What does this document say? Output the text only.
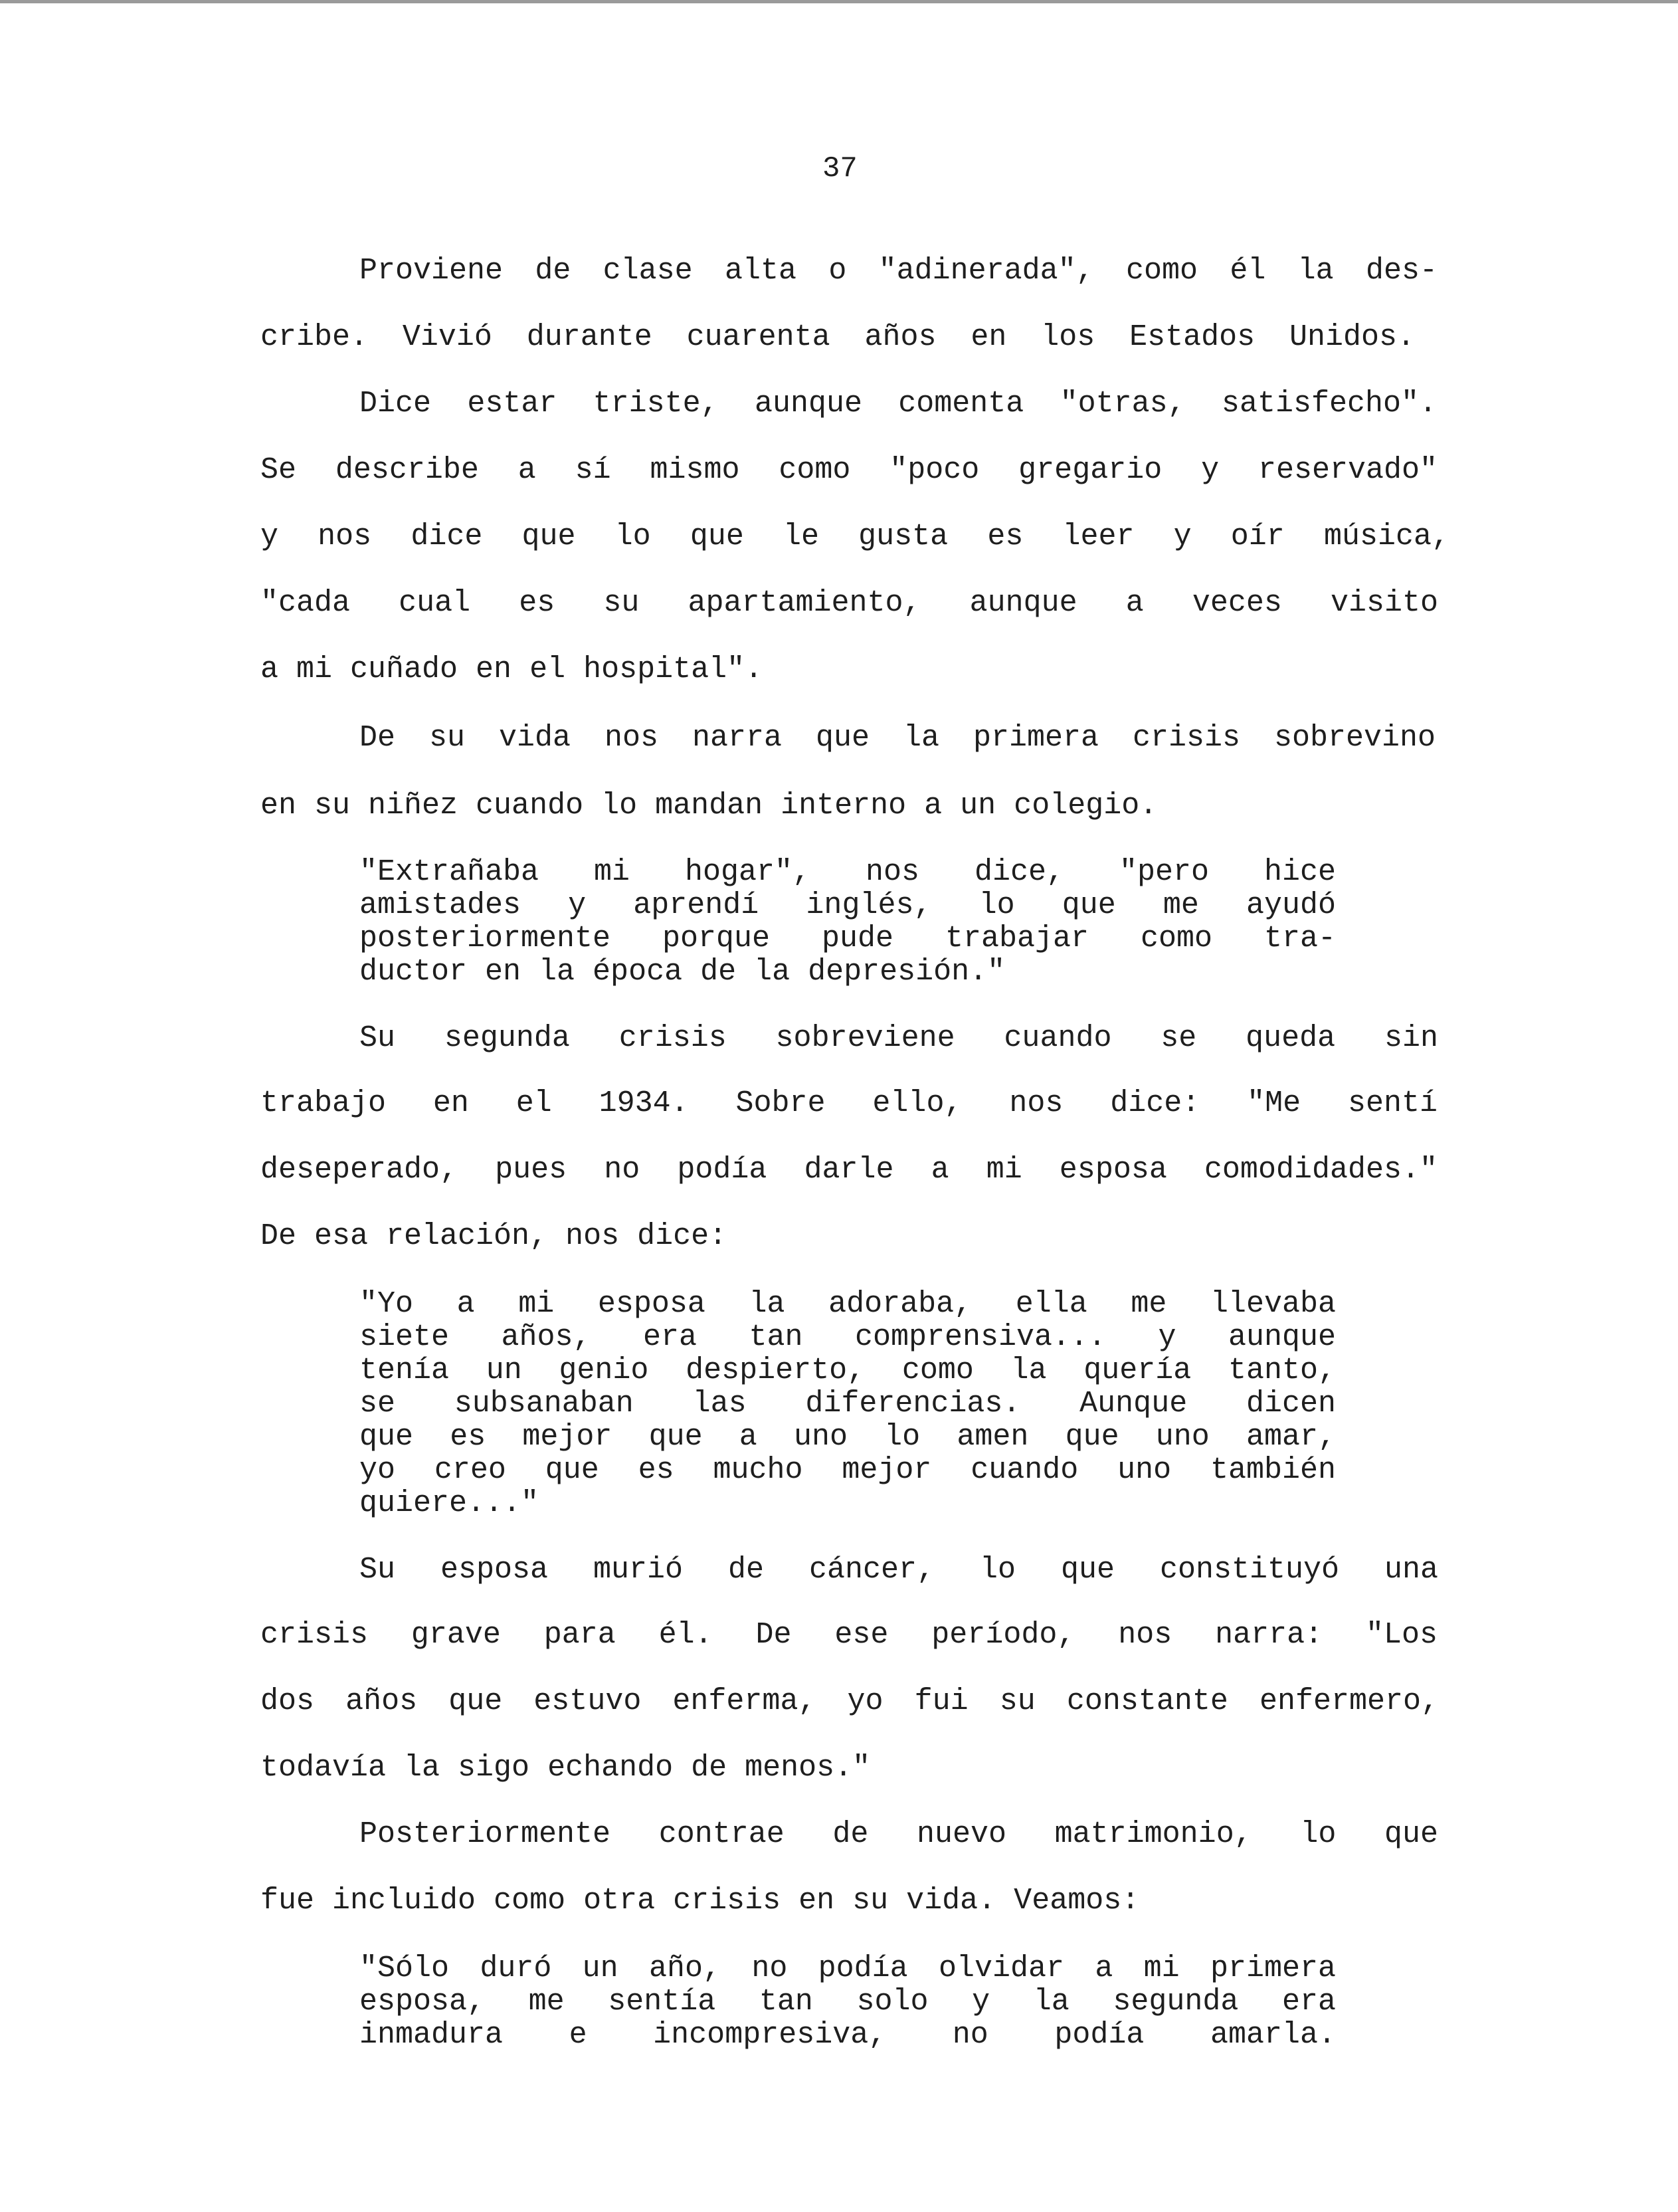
37
Proviene de clase alta o "adinerada", como él la des-
cribe. Vivió durante cuarenta años en los Estados Unidos.
Dice estar triste, aunque comenta "otras, satisfecho".
Se describe a sí mismo como "poco gregario y reservado"
y nos dice que lo que le gusta es leer y oír música,
"cada cual es su apartamiento, aunque a veces visito
a mi cuñado en el hospital".
De su vida nos narra que la primera crisis sobrevino
en su niñez cuando lo mandan interno a un colegio.
"Extrañaba mi hogar", nos dice, "pero hice
amistades y aprendí inglés, lo que me ayudó
posteriormente porque pude trabajar como tra-
ductor en la época de la depresión."
Su segunda crisis sobreviene cuando se queda sin
trabajo en el 1934. Sobre ello, nos dice: "Me sentí
deseperado, pues no podía darle a mi esposa comodidades."
De esa relación, nos dice:
"Yo a mi esposa la adoraba, ella me llevaba
siete años, era tan comprensiva... y aunque
tenía un genio despierto, como la quería tanto,
se subsanaban las diferencias. Aunque dicen
que es mejor que a uno lo amen que uno amar,
yo creo que es mucho mejor cuando uno también
quiere..."
Su esposa murió de cáncer, lo que constituyó una
crisis grave para él. De ese período, nos narra: "Los
dos años que estuvo enferma, yo fui su constante enfermero,
todavía la sigo echando de menos."
Posteriormente contrae de nuevo matrimonio, lo que
fue incluido como otra crisis en su vida. Veamos:
"Sólo duró un año, no podía olvidar a mi primera
esposa, me sentía tan solo y la segunda era
inmadura e incompresiva, no podía amarla.
